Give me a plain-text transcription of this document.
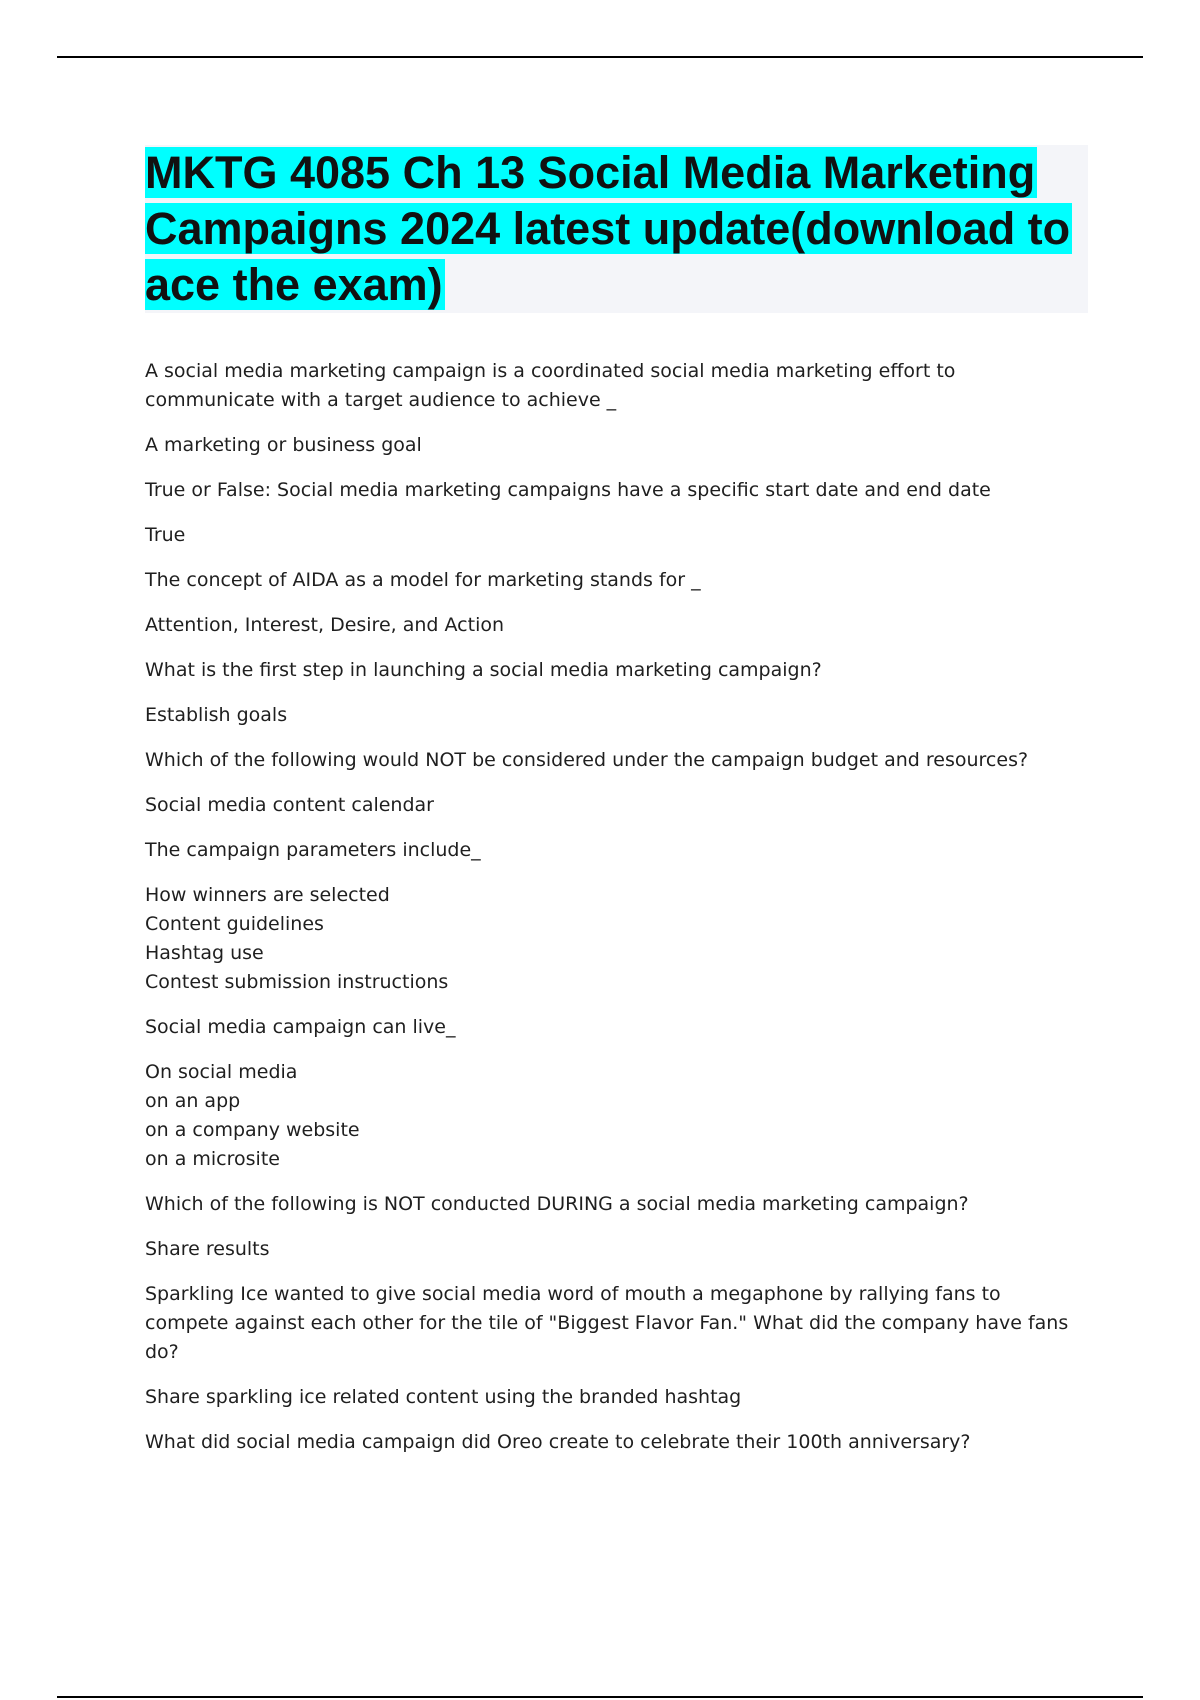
MKTG 4085 Ch 13 Social Media Marketing Campaigns 2024 latest update(download to ace the exam)

A social media marketing campaign is a coordinated social media marketing effort to communicate with a target audience to achieve _

A marketing or business goal

True or False: Social media marketing campaigns have a specific start date and end date

True

The concept of AIDA as a model for marketing stands for _

Attention, Interest, Desire, and Action

What is the first step in launching a social media marketing campaign?

Establish goals

Which of the following would NOT be considered under the campaign budget and resources?

Social media content calendar

The campaign parameters include_

How winners are selected
Content guidelines
Hashtag use
Contest submission instructions

Social media campaign can live_

On social media
on an app
on a company website
on a microsite

Which of the following is NOT conducted DURING a social media marketing campaign?

Share results

Sparkling Ice wanted to give social media word of mouth a megaphone by rallying fans to compete against each other for the tile of "Biggest Flavor Fan." What did the company have fans do?

Share sparkling ice related content using the branded hashtag

What did social media campaign did Oreo create to celebrate their 100th anniversary?
